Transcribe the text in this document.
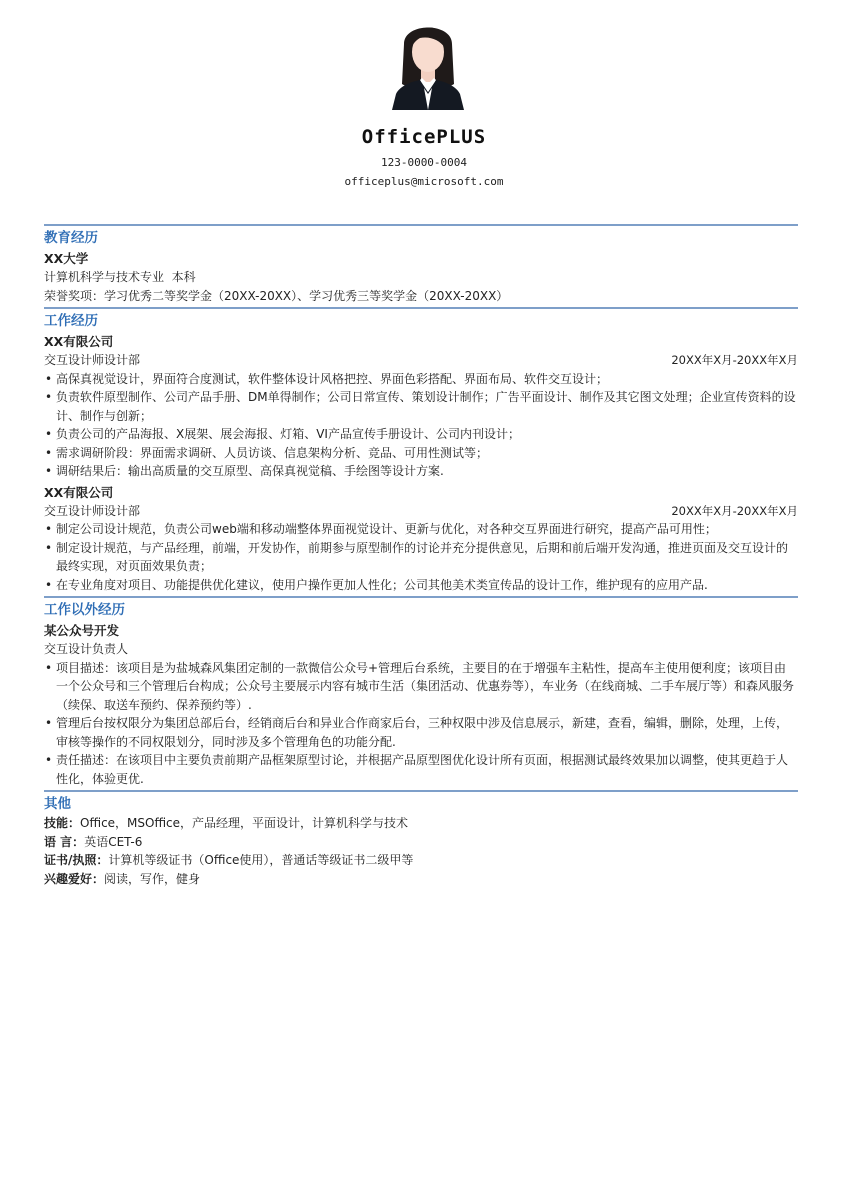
OfficePLUS
123-0000-0004
officeplus@microsoft.com
教育经历
XX大学
计算机科学与技术专业  本科
荣誉奖项：学习优秀二等奖学金（20XX-20XX）、学习优秀三等奖学金（20XX-20XX）
工作经历
XX有限公司
交互设计师设计部	20XX年X月-20XX年X月
• 高保真视觉设计，界面符合度测试，软件整体设计风格把控、界面色彩搭配、界面布局、软件交互设计；
• 负责软件原型制作、公司产品手册、DM单得制作；公司日常宣传、策划设计制作；广告平面设计、制作及其它图文处理；企业宣传资料的设计、制作与创新；
• 负责公司的产品海报、X展架、展会海报、灯箱、VI产品宣传手册设计、公司内刊设计；
• 需求调研阶段：界面需求调研、人员访谈、信息架构分析、竞品、可用性测试等；
• 调研结果后：输出高质量的交互原型、高保真视觉稿、手绘图等设计方案.
XX有限公司
交互设计师设计部	20XX年X月-20XX年X月
• 制定公司设计规范，负责公司web端和移动端整体界面视觉设计、更新与优化，对各种交互界面进行研究，提高产品可用性；
• 制定设计规范，与产品经理，前端，开发协作，前期参与原型制作的讨论并充分提供意见，后期和前后端开发沟通，推进页面及交互设计的最终实现，对页面效果负责；
• 在专业角度对项目、功能提供优化建议，使用户操作更加人性化；公司其他美术类宣传品的设计工作，维护现有的应用产品.
工作以外经历
某公众号开发
交互设计负责人
• 项目描述：该项目是为盐城森风集团定制的一款微信公众号+管理后台系统，主要目的在于增强车主粘性，提高车主使用便利度；该项目由一个公众号和三个管理后台构成；公众号主要展示内容有城市生活（集团活动、优惠券等），车业务（在线商城、二手车展厅等）和森风服务（续保、取送车预约、保养预约等）.
• 管理后台按权限分为集团总部后台，经销商后台和异业合作商家后台，三种权限中涉及信息展示，新建，查看，编辑，删除，处理，上传，审核等操作的不同权限划分，同时涉及多个管理角色的功能分配.
• 责任描述：在该项目中主要负责前期产品框架原型讨论，并根据产品原型图优化设计所有页面，根据测试最终效果加以调整，使其更趋于人性化，体验更优.
其他
技能：Office，MSOffice，产品经理，平面设计，计算机科学与技术
语 言：英语CET-6
证书/执照：计算机等级证书（Office使用），普通话等级证书二级甲等
兴趣爱好：阅读，写作，健身
